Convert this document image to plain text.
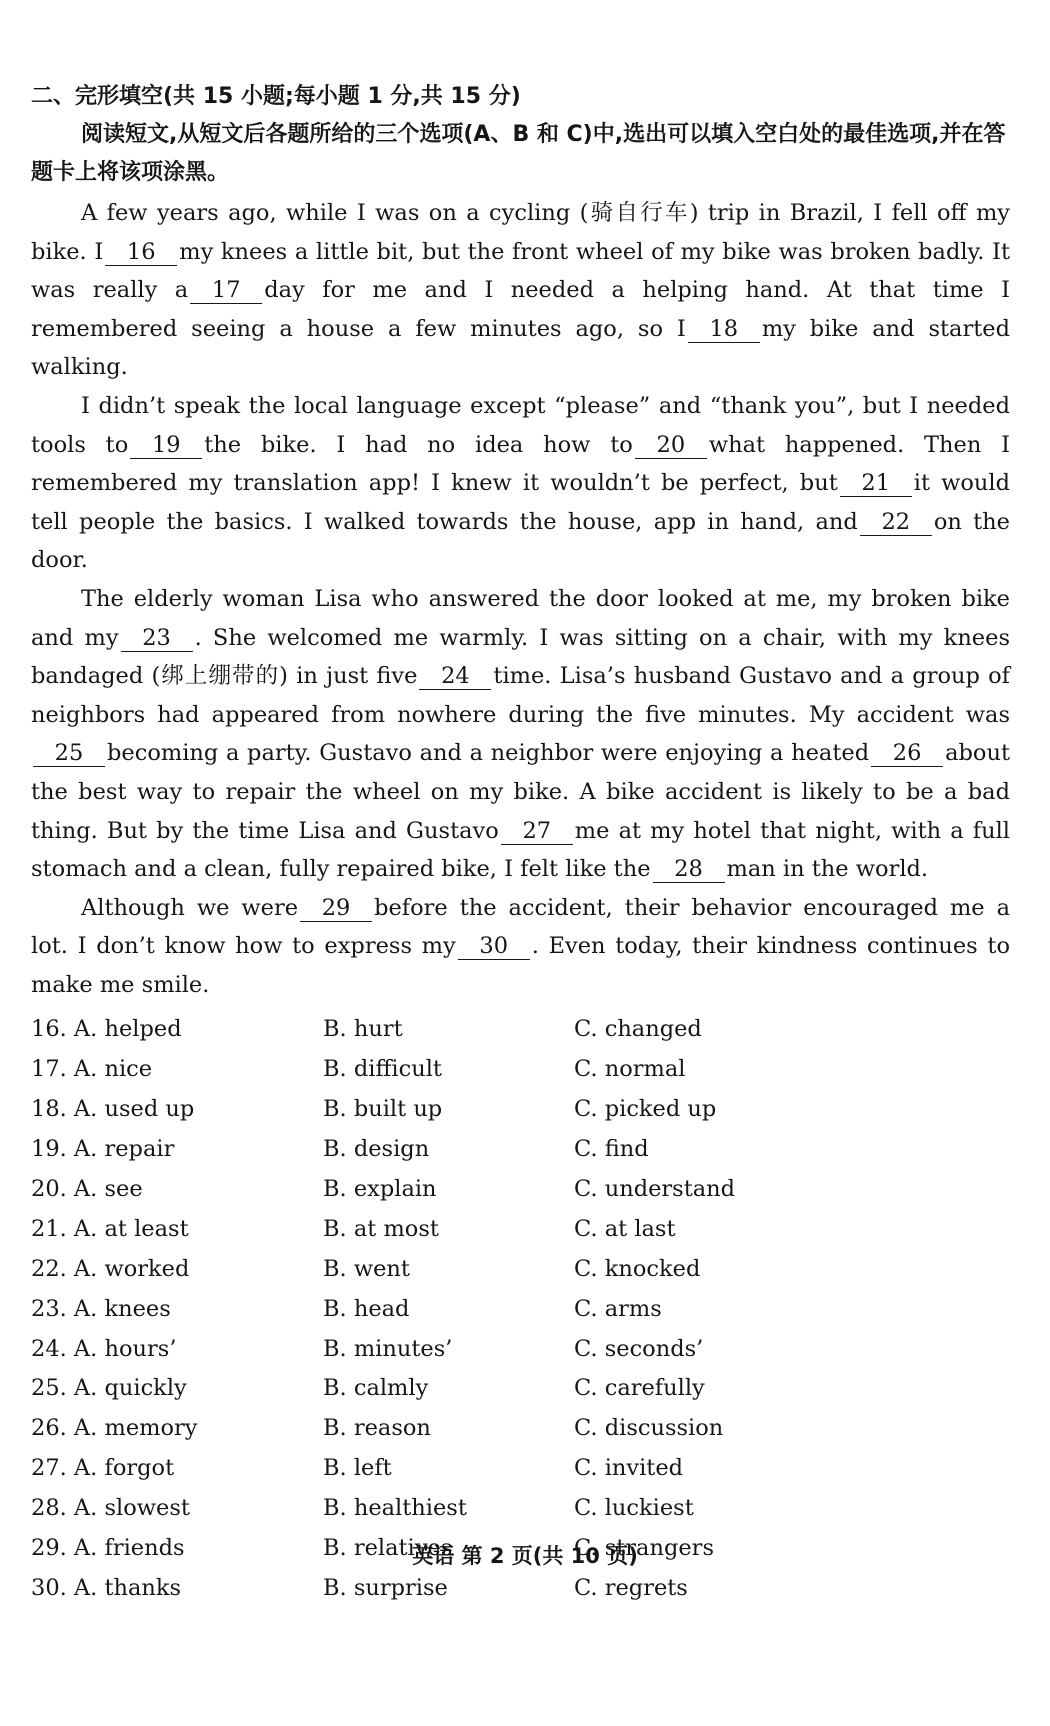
二、完形填空(共 15 小题;每小题 1 分,共 15 分)

阅读短文,从短文后各题所给的三个选项(A、B 和 C)中,选出可以填入空白处的最佳选项,并在答题卡上将该项涂黑。

A few years ago, while I was on a cycling (骑自行车) trip in Brazil, I fell off my bike. I 16 my knees a little bit, but the front wheel of my bike was broken badly. It was really a 17 day for me and I needed a helping hand. At that time I remembered seeing a house a few minutes ago, so I 18 my bike and started walking.

I didn’t speak the local language except “please” and “thank you”, but I needed tools to 19 the bike. I had no idea how to 20 what happened. Then I remembered my translation app! I knew it wouldn’t be perfect, but 21 it would tell people the basics. I walked towards the house, app in hand, and 22 on the door.

The elderly woman Lisa who answered the door looked at me, my broken bike and my 23 . She welcomed me warmly. I was sitting on a chair, with my knees bandaged (绑上绷带的) in just five 24 time. Lisa’s husband Gustavo and a group of neighbors had appeared from nowhere during the five minutes. My accident was25 becoming a party. Gustavo and a neighbor were enjoying a heated 26 about the best way to repair the wheel on my bike. A bike accident is likely to be a bad thing. But by the time Lisa and Gustavo 27 me at my hotel that night, with a full stomach and a clean, fully repaired bike, I felt like the 28 man in the world.

Although we were 29 before the accident, their behavior encouraged me a lot. I don’t know how to express my 30 . Even today, their kindness continues to make me smile.

16. A. helped	B. hurt	C. changed
17. A. nice	B. difficult	C. normal
18. A. used up	B. built up	C. picked up
19. A. repair	B. design	C. find
20. A. see	B. explain	C. understand
21. A. at least	B. at most	C. at last
22. A. worked	B. went	C. knocked
23. A. knees	B. head	C. arms
24. A. hours’	B. minutes’	C. seconds’
25. A. quickly	B. calmly	C. carefully
26. A. memory	B. reason	C. discussion
27. A. forgot	B. left	C. invited
28. A. slowest	B. healthiest	C. luckiest
29. A. friends	B. relatives	C. strangers
30. A. thanks	B. surprise	C. regrets
英语 第 2 页(共 10 页)
